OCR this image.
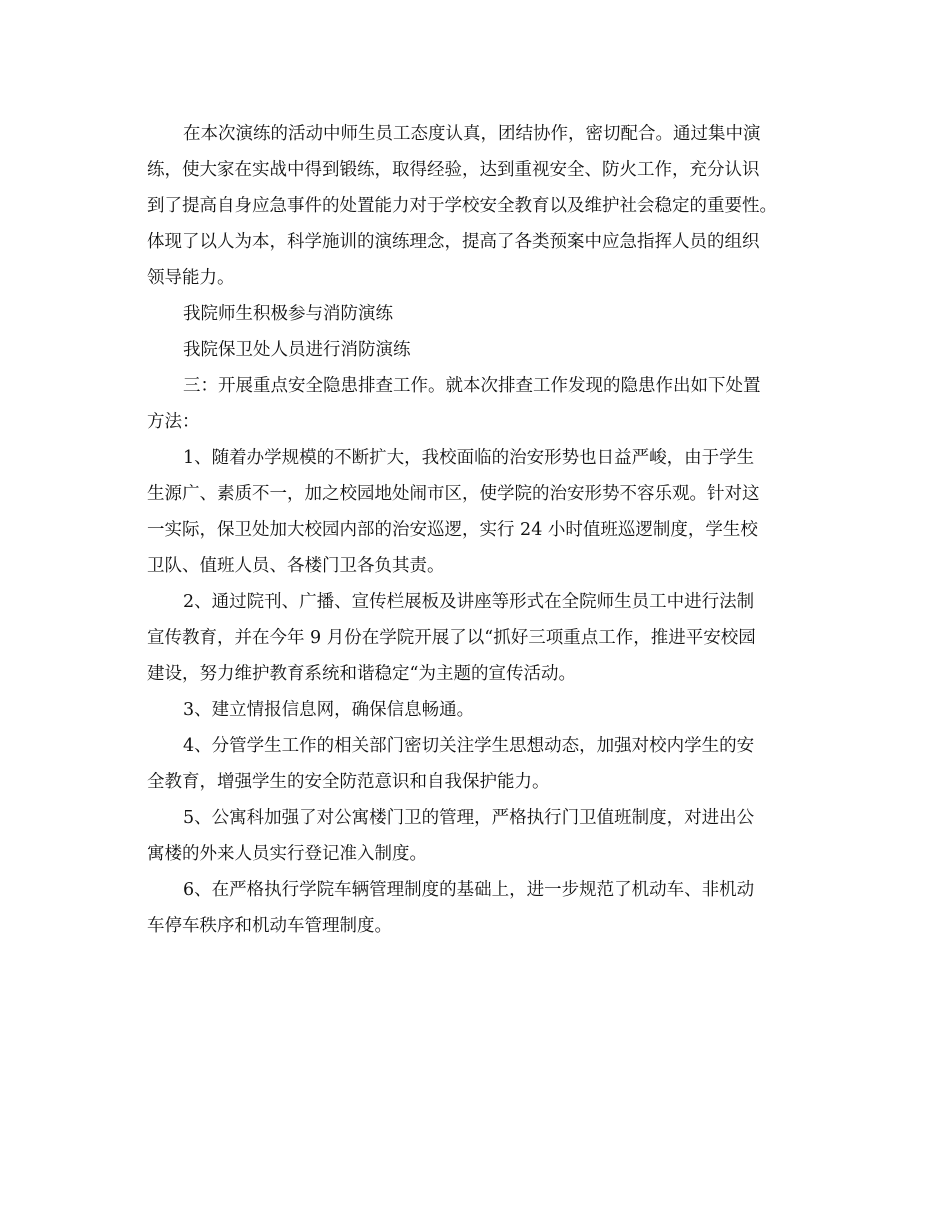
在本次演练的活动中师生员工态度认真，团结协作，密切配合。通过集中演
练，使大家在实战中得到锻练，取得经验，达到重视安全、防火工作，充分认识
到了提高自身应急事件的处置能力对于学校安全教育以及维护社会稳定的重要性。
体现了以人为本，科学施训的演练理念，提高了各类预案中应急指挥人员的组织
领导能力。
我院师生积极参与消防演练
我院保卫处人员进行消防演练
三：开展重点安全隐患排查工作。就本次排查工作发现的隐患作出如下处置
方法：
1、随着办学规模的不断扩大，我校面临的治安形势也日益严峻，由于学生
生源广、素质不一，加之校园地处闹市区，使学院的治安形势不容乐观。针对这
一实际，保卫处加大校园内部的治安巡逻，实行 24 小时值班巡逻制度，学生校
卫队、值班人员、各楼门卫各负其责。
2、通过院刊、广播、宣传栏展板及讲座等形式在全院师生员工中进行法制
宣传教育，并在今年 9 月份在学院开展了以“抓好三项重点工作，推进平安校园
建设，努力维护教育系统和谐稳定“为主题的宣传活动。
3、建立情报信息网，确保信息畅通。
4、分管学生工作的相关部门密切关注学生思想动态，加强对校内学生的安
全教育，增强学生的安全防范意识和自我保护能力。
5、公寓科加强了对公寓楼门卫的管理，严格执行门卫值班制度，对进出公
寓楼的外来人员实行登记准入制度。
6、在严格执行学院车辆管理制度的基础上，进一步规范了机动车、非机动
车停车秩序和机动车管理制度。
